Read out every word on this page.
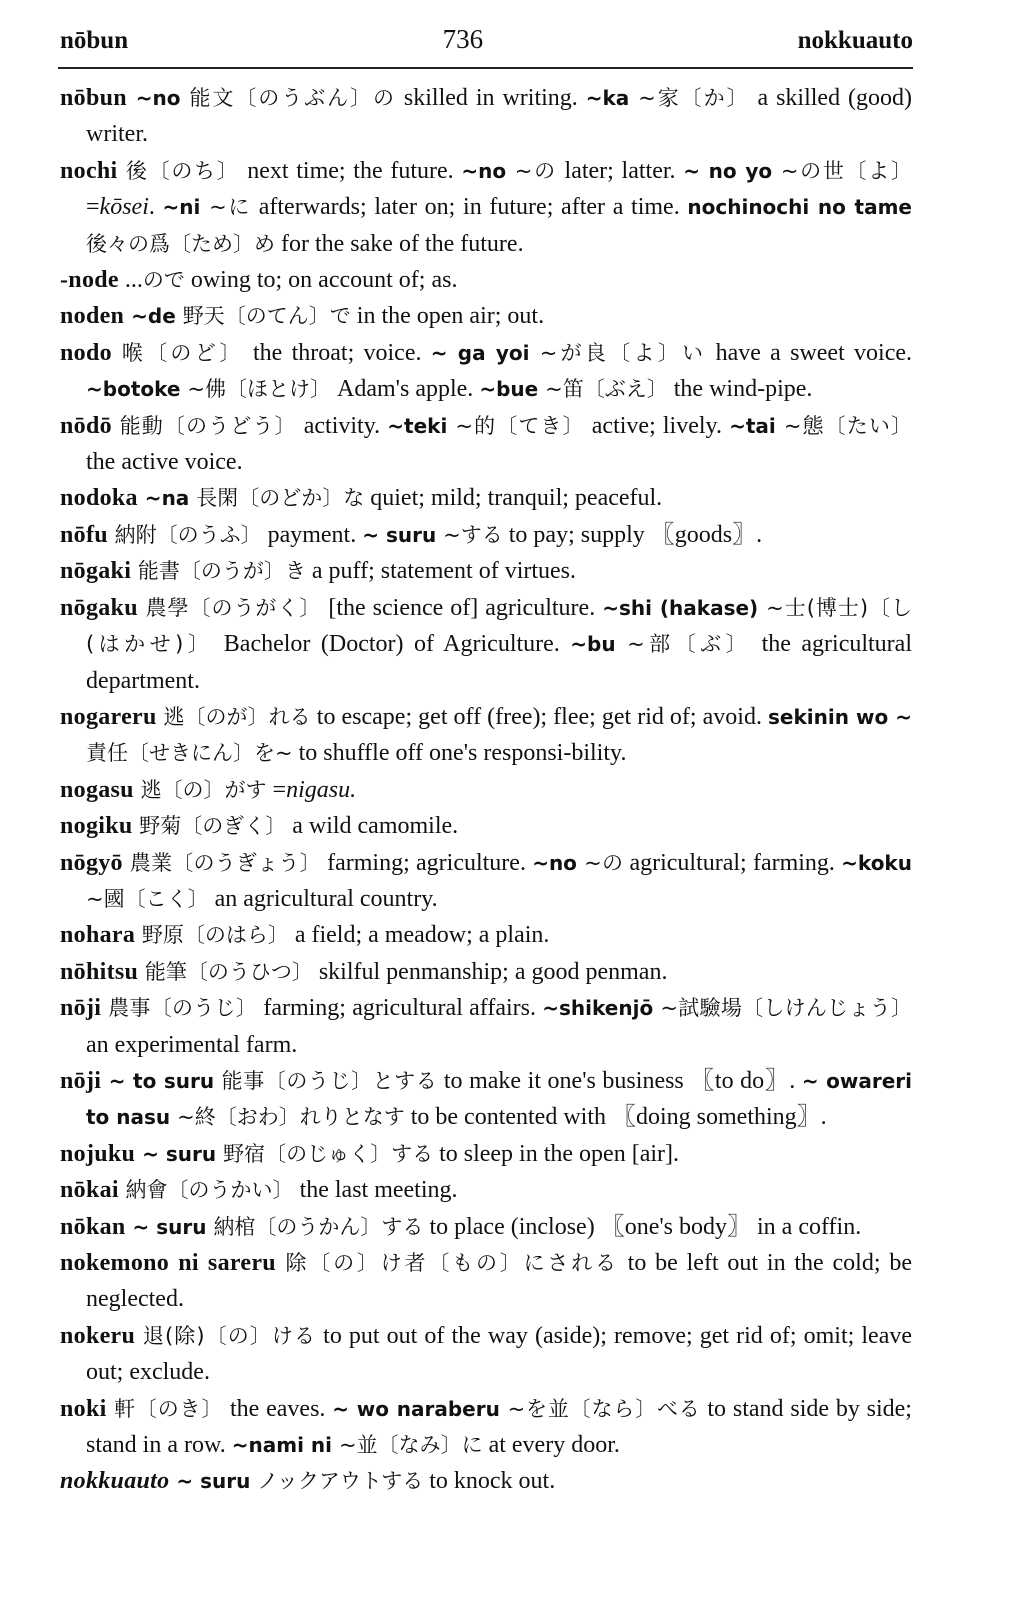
nōbun	736	nokkuauto

nōbun ~no 能文〔のうぶん〕の skilled in writing. ~ka ~家〔か〕 a skilled (good) writer.

nochi 後〔のち〕 next time; the future. ~no ~の later; latter. ~ no yo ~の世〔よ〕 =kōsei. ~ni ~に afterwards; later on; in future; after a time. nochinochi no tame 後々の爲〔ため〕め for the sake of the future.

-node ...ので owing to; on account of; as.

noden ~de 野天〔のてん〕で in the open air; out.

nodo 喉〔のど〕 the throat; voice. ~ ga yoi ~が良〔よ〕い have a sweet voice. ~botoke ~佛〔ほとけ〕 Adam's apple. ~bue ~笛〔ぶえ〕 the wind-pipe.

nōdō 能動〔のうどう〕 activity. ~teki ~的〔てき〕 active; lively. ~tai ~態〔たい〕 the active voice.

nodoka ~na 長閑〔のどか〕な quiet; mild; tranquil; peaceful.

nōfu 納附〔のうふ〕 payment. ~ suru ~する to pay; supply 〖goods〗.

nōgaki 能書〔のうが〕き a puff; statement of virtues.

nōgaku 農學〔のうがく〕 [the science of] agriculture. ~shi (hakase) ~士(博士)〔し(はかせ)〕 Bachelor (Doctor) of Agriculture. ~bu ~部〔ぶ〕 the agricultural department.

nogareru 逃〔のが〕れる to escape; get off (free); flee; get rid of; avoid. sekinin wo ~ 責任〔せきにん〕を~ to shuffle off one's responsi-bility.

nogasu 逃〔の〕がす =nigasu.

nogiku 野菊〔のぎく〕 a wild camomile.

nōgyō 農業〔のうぎょう〕 farming; agriculture. ~no ~の agricultural; farming. ~koku ~國〔こく〕 an agricultural country.

nohara 野原〔のはら〕 a field; a meadow; a plain.

nōhitsu 能筆〔のうひつ〕 skilful penmanship; a good penman.

nōji 農事〔のうじ〕 farming; agricultural affairs. ~shikenjō ~試驗場〔しけんじょう〕 an experimental farm.

nōji ~ to suru 能事〔のうじ〕とする to make it one's business 〖to do〗. ~ owareri to nasu ~終〔おわ〕れりとなす to be contented with 〖doing something〗.

nojuku ~ suru 野宿〔のじゅく〕する to sleep in the open [air].

nōkai 納會〔のうかい〕 the last meeting.

nōkan ~ suru 納棺〔のうかん〕する to place (inclose) 〖one's body〗 in a coffin.

nokemono ni sareru 除〔の〕け者〔もの〕にされる to be left out in the cold; be neglected.

nokeru 退(除)〔の〕ける to put out of the way (aside); remove; get rid of; omit; leave out; exclude.

noki 軒〔のき〕 the eaves. ~ wo naraberu ~を並〔なら〕べる to stand side by side; stand in a row. ~nami ni ~並〔なみ〕に at every door.

nokkuauto ~ suru ノックアウトする to knock out.
